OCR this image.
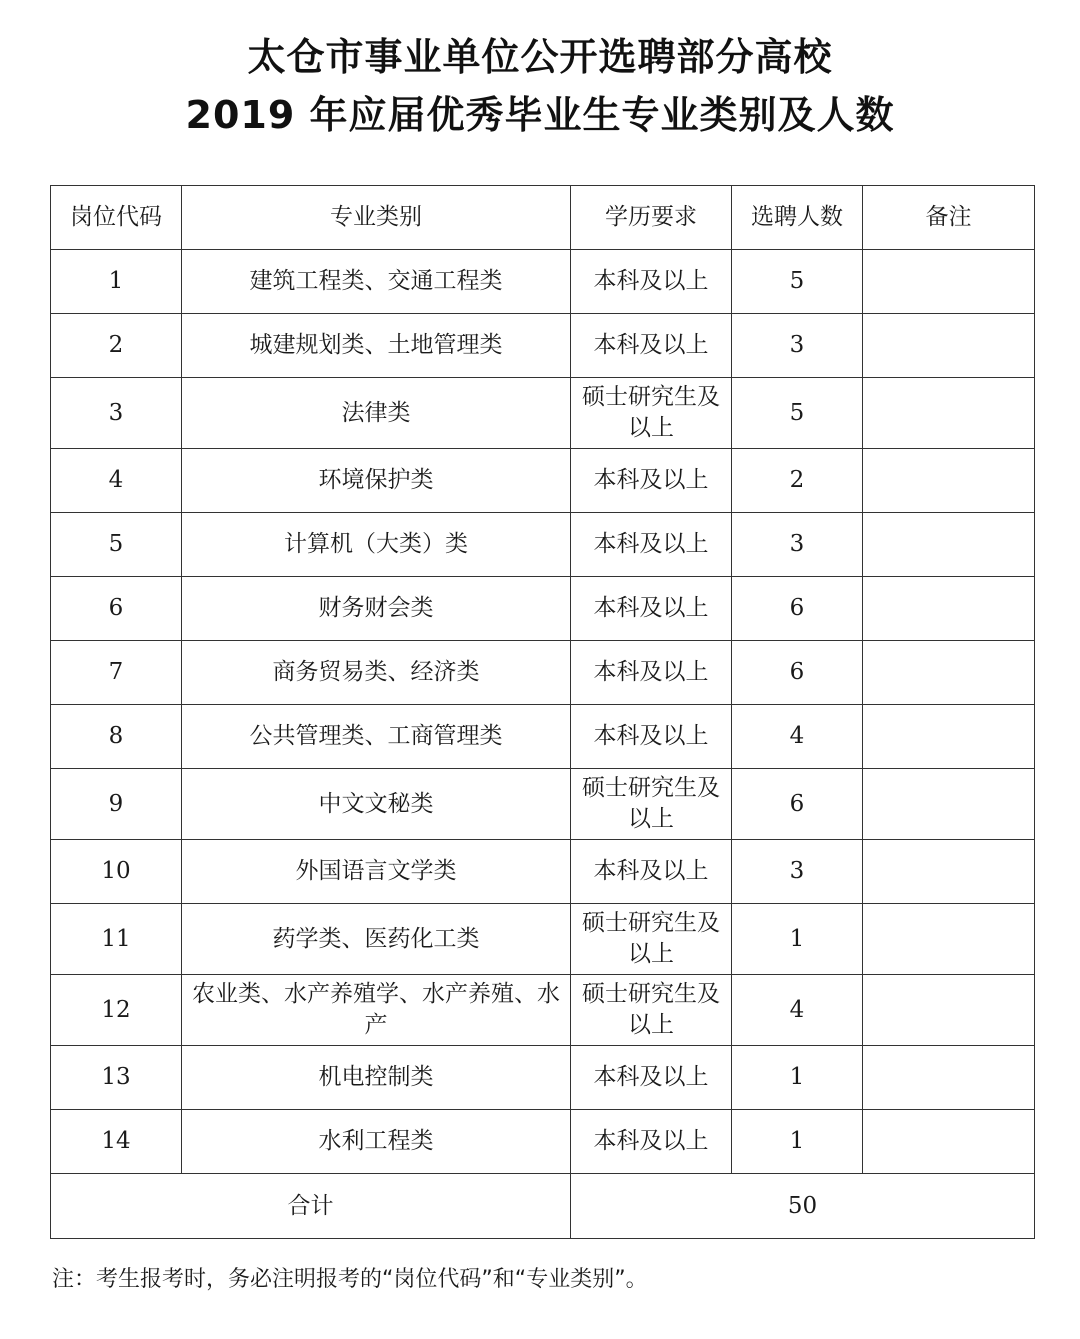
太仓市事业单位公开选聘部分高校
2019 年应届优秀毕业生专业类别及人数
岗位代码	专业类别	学历要求	选聘人数	备注
1	建筑工程类、交通工程类	本科及以上	5	
2	城建规划类、土地管理类	本科及以上	3	
3	法律类	硕士研究生及以上	5	
4	环境保护类	本科及以上	2	
5	计算机（大类）类	本科及以上	3	
6	财务财会类	本科及以上	6	
7	商务贸易类、经济类	本科及以上	6	
8	公共管理类、工商管理类	本科及以上	4	
9	中文文秘类	硕士研究生及以上	6	
10	外国语言文学类	本科及以上	3	
11	药学类、医药化工类	硕士研究生及以上	1	
12	农业类、水产养殖学、水产养殖、水产	硕士研究生及以上	4	
13	机电控制类	本科及以上	1	
14	水利工程类	本科及以上	1	
合计		50		
注：考生报考时，务必注明报考的“岗位代码”和“专业类别”。
